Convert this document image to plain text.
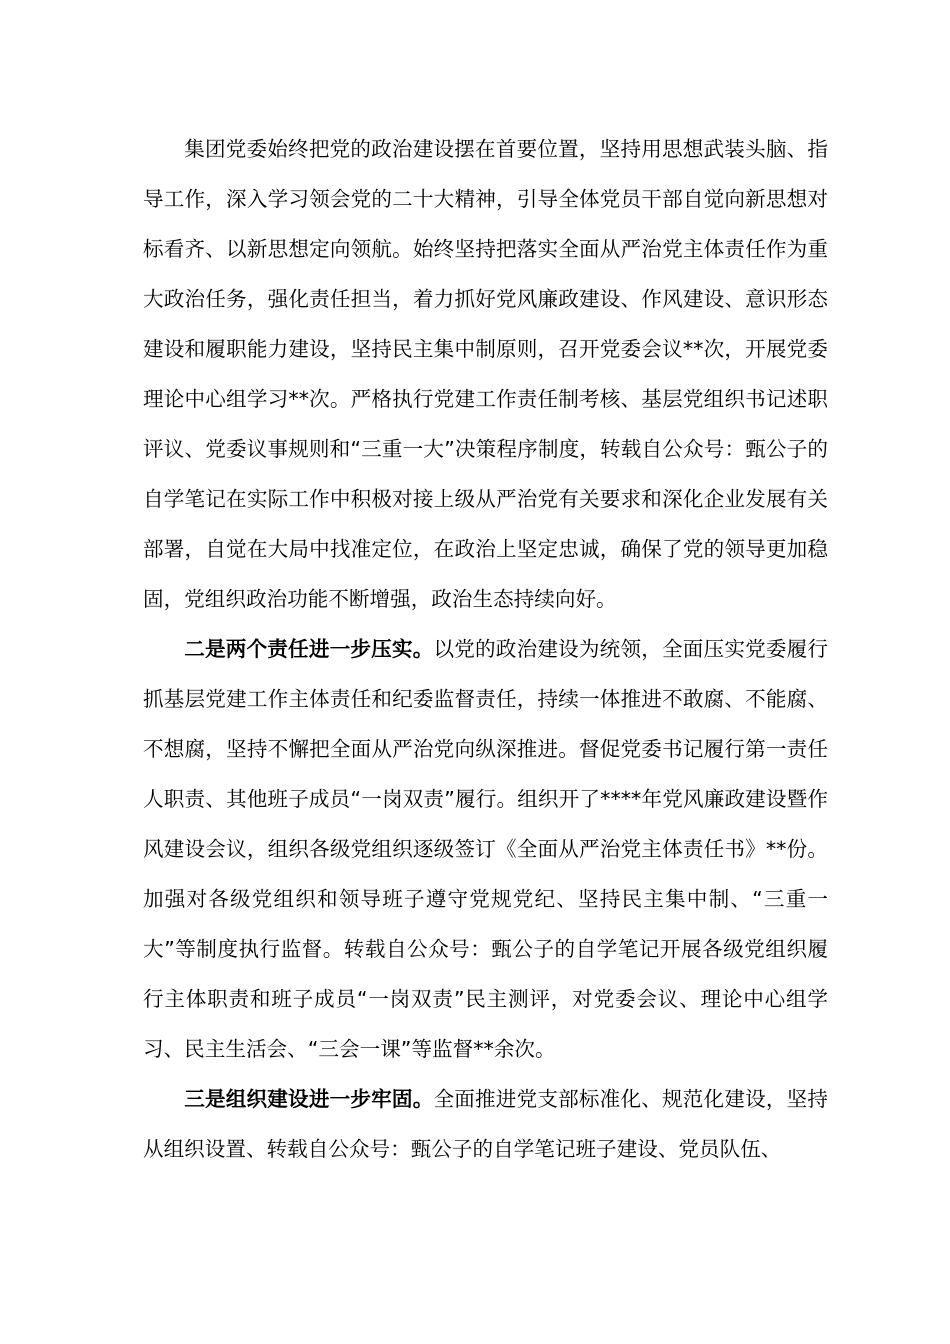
集团党委始终把党的政治建设摆在首要位置，坚持用思想武装头脑、指导工作，深入学习领会党的二十大精神，引导全体党员干部自觉向新思想对标看齐、以新思想定向领航。始终坚持把落实全面从严治党主体责任作为重大政治任务，强化责任担当，着力抓好党风廉政建设、作风建设、意识形态建设和履职能力建设，坚持民主集中制原则，召开党委会议**次，开展党委理论中心组学习**次。严格执行党建工作责任制考核、基层党组织书记述职评议、党委议事规则和“三重一大”决策程序制度，转载自公众号：甄公子的自学笔记在实际工作中积极对接上级从严治党有关要求和深化企业发展有关部署，自觉在大局中找准定位，在政治上坚定忠诚，确保了党的领导更加稳固，党组织政治功能不断增强，政治生态持续向好。

二是两个责任进一步压实。以党的政治建设为统领，全面压实党委履行抓基层党建工作主体责任和纪委监督责任，持续一体推进不敢腐、不能腐、不想腐，坚持不懈把全面从严治党向纵深推进。督促党委书记履行第一责任人职责、其他班子成员“一岗双责”履行。组织开了****年党风廉政建设暨作风建设会议，组织各级党组织逐级签订《全面从严治党主体责任书》**份。加强对各级党组织和领导班子遵守党规党纪、坚持民主集中制、“三重一大”等制度执行监督。转载自公众号：甄公子的自学笔记开展各级党组织履行主体职责和班子成员“一岗双责”民主测评，对党委会议、理论中心组学习、民主生活会、“三会一课”等监督**余次。

三是组织建设进一步牢固。全面推进党支部标准化、规范化建设，坚持从组织设置、转载自公众号：甄公子的自学笔记班子建设、党员队伍、
